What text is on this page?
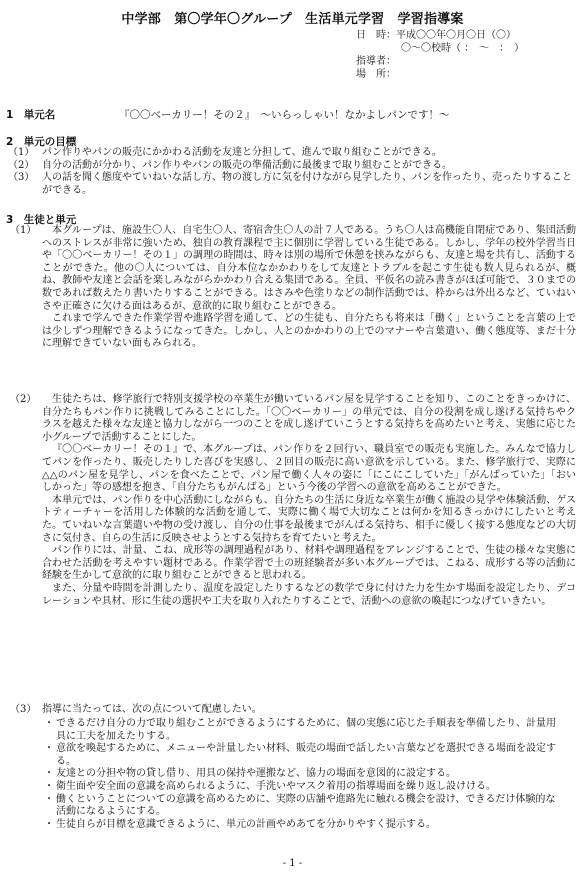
中学部　第〇学年〇グループ　生活単元学習　学習指導案
日　時：平成〇〇年〇月〇日（〇）
〇～〇校時（ ：　～　：　）
指導者：
場　所：
1　単元名	『〇〇ベーカリー！その２』　～いらっしゃい！なかよしパンです！～
2　単元の目標
（1） パン作りやパンの販売にかかわる活動を友達と分担して、進んで取り組むことができる。
（2） 自分の活動が分かり、パン作りやパンの販売の準備活動に最後まで取り組むことができる。
（3） 人の話を聞く態度やていねいな話し方、物の渡し方に気を付けながら見学したり、パンを作ったり、売ったりすることができる。
3　生徒と単元
（1）	本グループは、施設生〇人、自宅生〇人、寄宿舎生〇人の計７人である。うち〇人は高機能自閉症であり、集団活動へのストレスが非常に強いため、独自の教育課程で主に個別に学習している生徒である。しかし、学年の校外学習当日や「〇〇ベーカリー！その１」の調理の時間は、時々は別の場所で休憩を挟みながらも、友達と場を共有し、活動することができた。他の〇人については、自分本位なかかわりをして友達とトラブルを起こす生徒も数人見られるが、概ね、教師や友達と会話を楽しみながらかかわり合える集団である。全員、平仮名の読み書きがほぼ可能で、３０までの数であれば数えたり書いたりすることができる。はさみや色塗りなどの制作活動では、枠からは外出るなど、ていねいさや正確さに欠ける面はあるが、意欲的に取り組むことができる。
これまで学んできた作業学習や進路学習を通して、どの生徒も、自分たちも将来は「働く」ということを言葉の上では少しずつ理解できるようになってきた。しかし、人とのかかわりの上でのマナーや言葉遣い、働く態度等、まだ十分に理解できていない面もみられる。
（2）	生徒たちは、修学旅行で特別支援学校の卒業生が働いているパン屋を見学することを知り、このことをきっかけに、自分たちもパン作りに挑戦してみることにした。「〇〇ベーカリー」の単元では、自分の役割を成し遂げる気持ちやクラスを越えた様々な友達と協力しながら一つのことを成し遂げていこうとする気持ちを高めたいと考え、実態に応じた小グループで活動することにした。
『〇〇ベーカリー！その１』で、本グループは、パン作りを２回行い、職員室での販売も実施した。みんなで協力してパンを作ったり、販売したりした喜びを実感し、２回目の販売に高い意欲を示している。また、修学旅行で、実際に△△のパン屋を見学し、パンを食べたことで、パン屋で働く人々の姿に「にこにこしていた」「がんばっていた」「おいしかった」等の感想を抱き、「自分たちもがんばる」という今後の学習への意欲を高めることができた。
本単元では、パン作りを中心活動にしながらも、自分たちの生活に身近な卒業生が働く施設の見学や体験活動、ゲストティーチャーを活用した体験的な活動を通して、実際に働く場で大切なことは何かを知るきっかけにしたいと考えた。ていねいな言葉遣いや物の受け渡し、自分の仕事を最後までがんばる気持ち、相手に優しく接する態度などの大切さに気付き、自らの生活に反映させようとする気持ちを育てたいと考えた。
パン作りには、計量、こね、成形等の調理過程があり、材料や調理過程をアレンジすることで、生徒の様々な実態に合わせた活動を考えやすい題材である。作業学習で土の班経験者が多い本グループでは、こねる、成形する等の活動に経験を生かして意欲的に取り組むことができると思われる。
また、分量や時間を計測したり、温度を設定したりするなどの数学で身に付けた力を生かす場面を設定したり、デコレーションや具材、形に生徒の選択や工夫を取り入れたりすることで、活動への意欲の喚起につなげていきたい。
（3） 指導に当たっては、次の点について配慮したい。
・ できるだけ自分の力で取り組むことができるようにするために、個の実態に応じた手順表を準備したり、計量用具に工夫を加えたりする。
・ 意欲を喚起するために、メニューや計量したい材料、販売の場面で話したい言葉などを選択できる場面を設定する。
・ 友達との分担や物の貸し借り、用具の保持や運搬など、協力の場面を意図的に設定する。
・ 衛生面や安全面の意識を高められるように、手洗いやマスク着用の指導場面を繰り返し設けける。
・ 働くということについての意識を高めるために、実際の店舗や進路先に触れる機会を設け、できるだけ体験的な活動になるようにする。
・ 生徒自らが目標を意識できるように、単元の計画やめあてを分かりやすく提示する。
- 1 -
